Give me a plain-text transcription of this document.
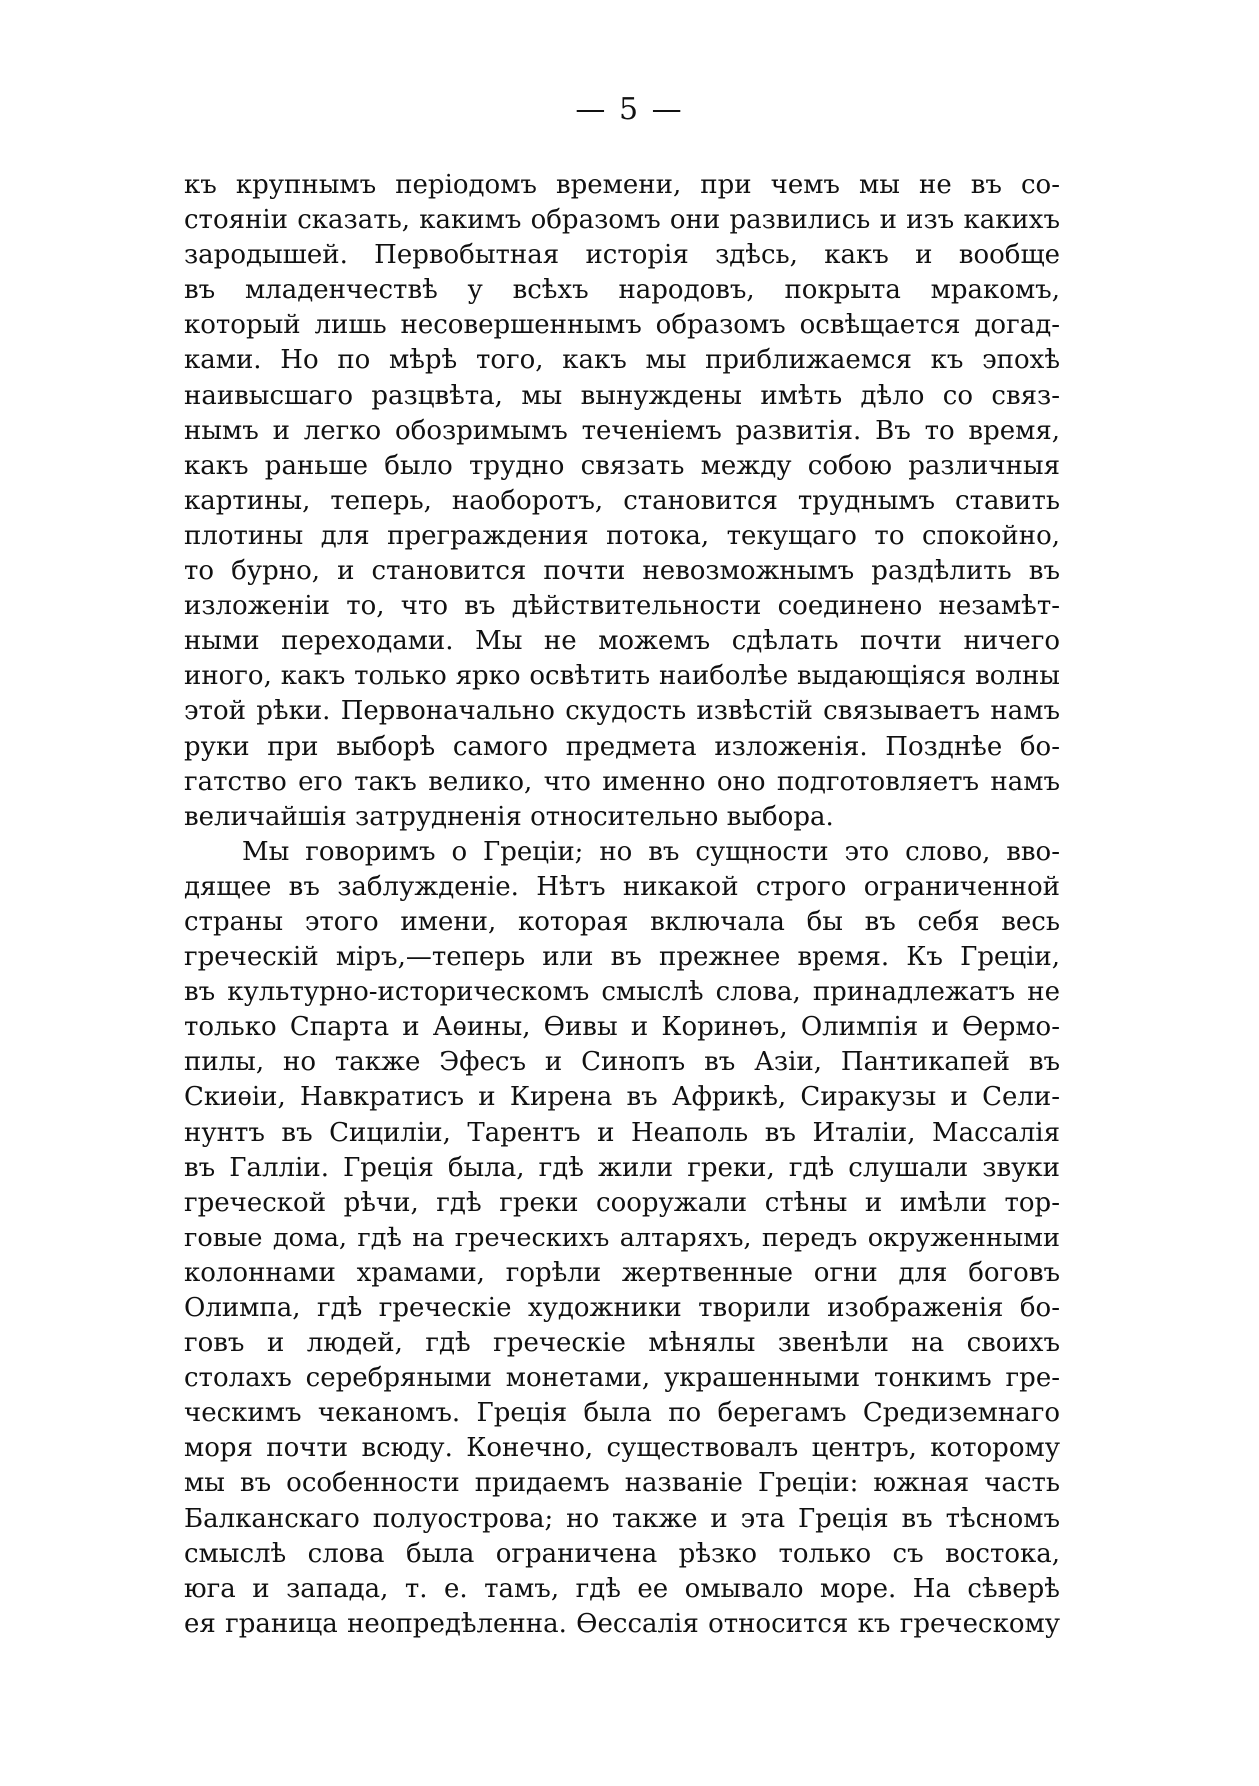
— 5 —
къ крупнымъ періодомъ времени, при чемъ мы не въ со-
стояніи сказать, какимъ образомъ они развились и изъ какихъ
зародышей. Первобытная исторія здѣсь, какъ и вообще
въ младенчествѣ у всѣхъ народовъ, покрыта мракомъ,
который лишь несовершеннымъ образомъ освѣщается догад-
ками. Но по мѣрѣ того, какъ мы приближаемся къ эпохѣ
наивысшаго разцвѣта, мы вынуждены имѣть дѣло со связ-
нымъ и легко обозримымъ теченіемъ развитія. Въ то время,
какъ раньше было трудно связать между собою различныя
картины, теперь, наоборотъ, становится труднымъ ставить
плотины для преграждения потока, текущаго то спокойно,
то бурно, и становится почти невозможнымъ раздѣлить въ
изложеніи то, что въ дѣйствительности соединено незамѣт-
ными переходами. Мы не можемъ сдѣлать почти ничего
иного, какъ только ярко освѣтить наиболѣе выдающіяся волны
этой рѣки. Первоначально скудость извѣстій связываетъ намъ
руки при выборѣ самого предмета изложенія. Позднѣе бо-
гатство его такъ велико, что именно оно подготовляетъ намъ
величайшія затрудненія относительно выбора.
Мы говоримъ о Греціи; но въ сущности это слово, вво-
дящее въ заблужденіе. Нѣтъ никакой строго ограниченной
страны этого имени, которая включала бы въ себя весь
греческій міръ,—теперь или въ прежнее время. Къ Греціи,
въ культурно-историческомъ смыслѣ слова, принадлежатъ не
только Спарта и Аѳины, Ѳивы и Коринѳъ, Олимпія и Ѳермо-
пилы, но также Эфесъ и Синопъ въ Азіи, Пантикапей въ
Скиѳіи, Навкратисъ и Кирена въ Африкѣ, Сиракузы и Сели-
нунтъ въ Сициліи, Тарентъ и Неаполь въ Италіи, Массалія
въ Галліи. Греція была, гдѣ жили греки, гдѣ слушали звуки
греческой рѣчи, гдѣ греки сооружали стѣны и имѣли тор-
говые дома, гдѣ на греческихъ алтаряхъ, передъ окруженными
колоннами храмами, горѣли жертвенные огни для боговъ
Олимпа, гдѣ греческіе художники творили изображенія бо-
говъ и людей, гдѣ греческіе мѣнялы звенѣли на своихъ
столахъ серебряными монетами, украшенными тонкимъ гре-
ческимъ чеканомъ. Греція была по берегамъ Средиземнаго
моря почти всюду. Конечно, существовалъ центръ, которому
мы въ особенности придаемъ названіе Греціи: южная часть
Балканскаго полуострова; но также и эта Греція въ тѣсномъ
смыслѣ слова была ограничена рѣзко только съ востока,
юга и запада, т. е. тамъ, гдѣ ее омывало море. На сѣверѣ
ея граница неопредѣленна. Ѳессалія относится къ греческому
